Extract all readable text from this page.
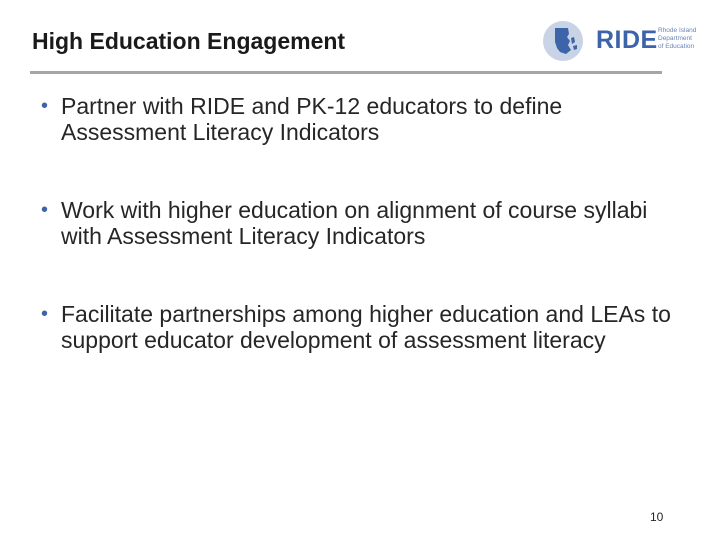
High Education Engagement	RIDE Rhode Island
Department
of Education
• Partner with RIDE and PK-12 educators to define Assessment Literacy Indicators
• Work with higher education on alignment of course syllabi with Assessment Literacy Indicators
• Facilitate partnerships among higher education and LEAs to support educator development of assessment literacy
10
